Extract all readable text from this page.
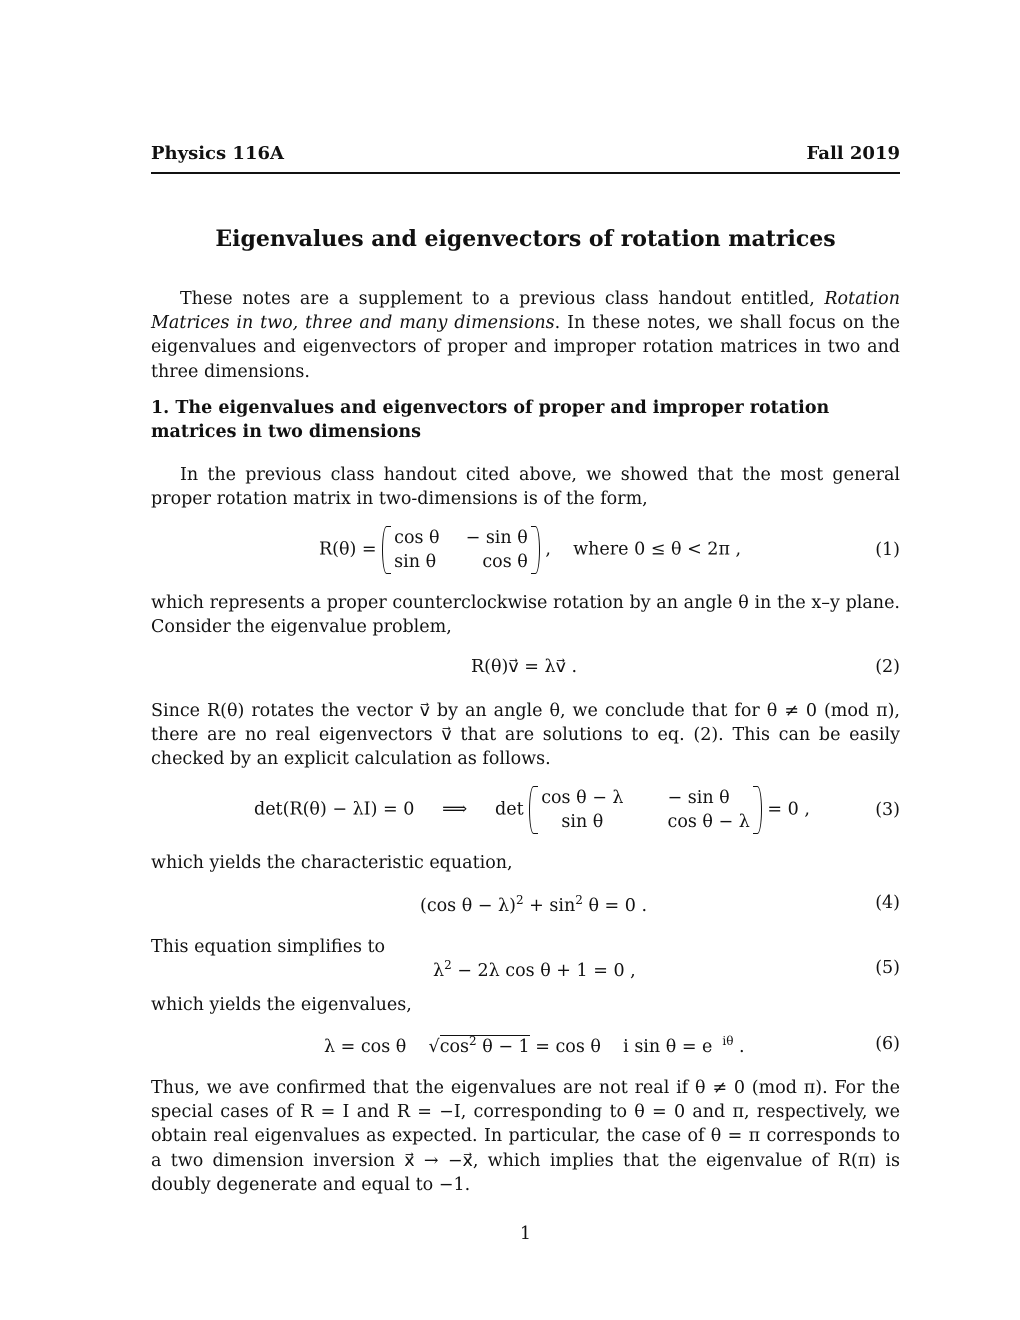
Physics 116A	Fall 2019
Eigenvalues and eigenvectors of rotation matrices
These notes are a supplement to a previous class handout entitled, Rotation Matrices in two, three and many dimensions. In these notes, we shall focus on the eigenvalues and eigenvectors of proper and improper rotation matrices in two and three dimensions.
1. The eigenvalues and eigenvectors of proper and improper rotation matrices in two dimensions
In the previous class handout cited above, we showed that the most general proper rotation matrix in two-dimensions is of the form,
R(θ) =
cos θ	− sin θ
sin θ	cos θ
,    where 0 ≤ θ < 2π ,	(1)
which represents a proper counterclockwise rotation by an angle θ in the x–y plane. Consider the eigenvalue problem,
R(θ)v⃗ = λv⃗ .	(2)
Since R(θ) rotates the vector v⃗ by an angle θ, we conclude that for θ ≠ 0 (mod π), there are no real eigenvectors v⃗ that are solutions to eq. (2). This can be easily checked by an explicit calculation as follows.
det(R(θ) − λI) = 0     ⟹     det
cos θ − λ	− sin θ
sin θ	cos θ − λ
= 0 ,	(3)
which yields the characteristic equation,
(cos $\theta - \lambda)^2 + \sin^2 \theta = 0$ .	(4)
This equation simplifies to
$\lambda^2 - 2\lambda$ cos θ + 1 = 0 ,	(5)
which yields the eigenvalues,
λ = cos θ    $√\cos^2$ θ − 1 = cos θ    i sin θ = e $^{i\theta}$ .	(6)
Thus, we ave confirmed that the eigenvalues are not real if θ ≠ 0 (mod π). For the special cases of R = I and R = −I, corresponding to θ = 0 and π, respectively, we obtain real eigenvalues as expected. In particular, the case of θ = π corresponds to a two dimension inversion x⃗ → −x⃗, which implies that the eigenvalue of R(π) is doubly degenerate and equal to −1.
1
